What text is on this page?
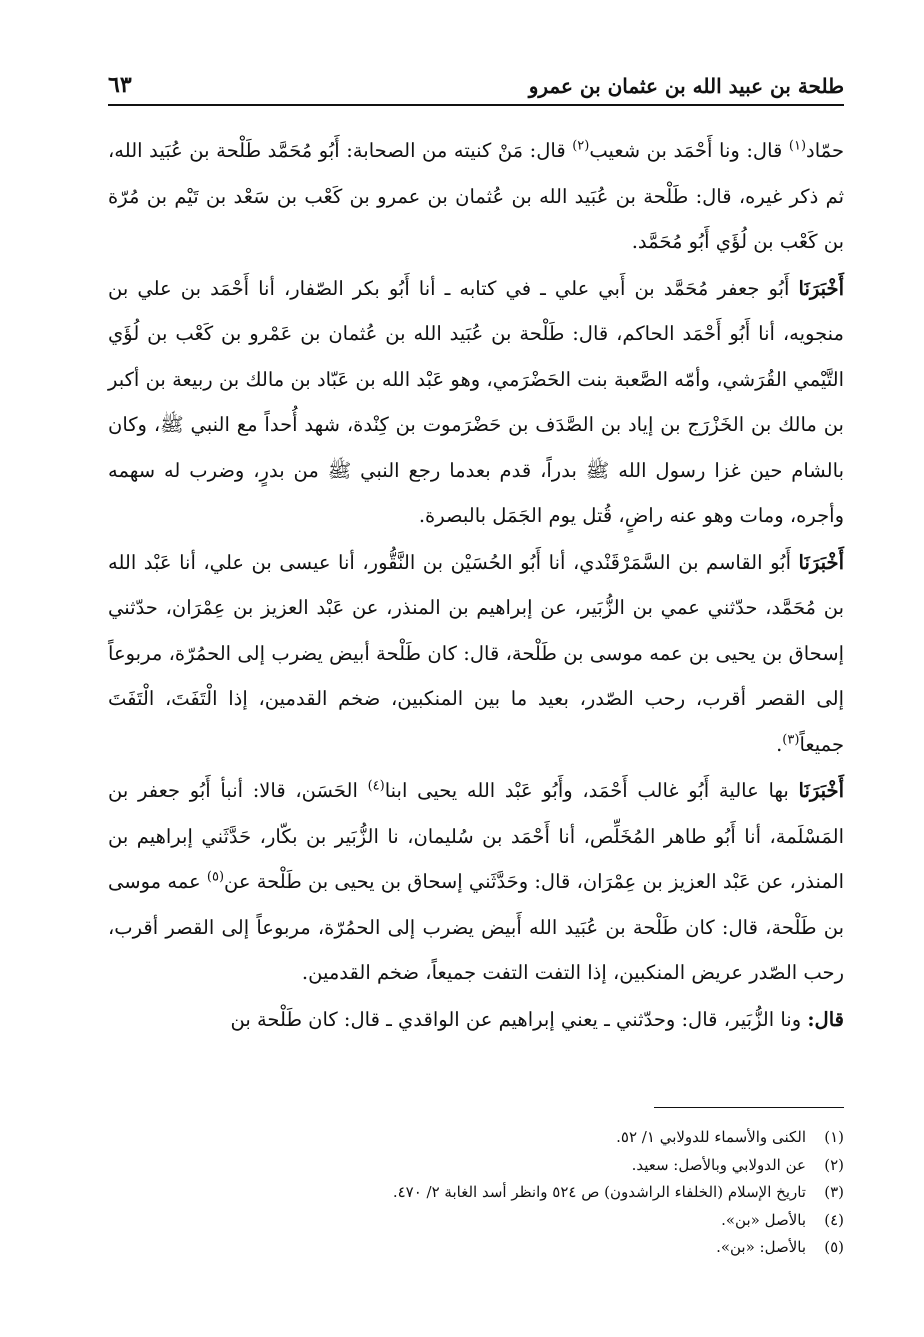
طلحة بن عبيد الله بن عثمان بن عمرو
٦٣

حمّاد$^{(١)}$ قال: ونا أَحْمَد بن شعيب$^{(٢)}$ قال: مَنْ كنيته من الصحابة: أَبُو مُحَمَّد طَلْحة بن عُبَيد الله، ثم ذكر غيره، قال: طَلْحة بن عُبَيد الله بن عُثمان بن عمرو بن كَعْب بن سَعْد بن تَيْم بن مُرّة بن كَعْب بن لُؤَي أَبُو مُحَمَّد.

أَخْبَرَنَا أَبُو جعفر مُحَمَّد بن أَبي علي ـ في كتابه ـ أنا أَبُو بكر الصّفار، أنا أَحْمَد بن علي بن منجويه، أنا أَبُو أَحْمَد الحاكم، قال: طَلْحة بن عُبَيد الله بن عُثمان بن عَمْرو بن كَعْب بن لُؤَي التَّيْمي القُرَشي، وأمّه الصَّعبة بنت الحَضْرَمي، وهو عَبْد الله بن عَبّاد بن مالك بن ربيعة بن أكبر بن مالك بن الخَزْرَج بن إياد بن الصَّدَف بن حَضْرَموت بن كِنْدة، شهد أُحداً مع النبي ﷺ، وكان بالشام حين غزا رسول الله ﷺ بدراً، قدم بعدما رجع النبي ﷺ من بدرٍ، وضرب له سهمه وأجره، ومات وهو عنه راضٍ، قُتل يوم الجَمَل بالبصرة.

أَخْبَرَنَا أَبُو القاسم بن السَّمَرْقَنْدي، أنا أَبُو الحُسَيْن بن النَّقُّور، أنا عيسى بن علي، أنا عَبْد الله بن مُحَمَّد، حدّثني عمي بن الزُّبَير، عن إبراهيم بن المنذر، عن عَبْد العزيز بن عِمْرَان، حدّثني إسحاق بن يحيى بن عمه موسى بن طَلْحة، قال: كان طَلْحة أبيض يضرب إلى الحمُرّة، مربوعاً إلى القصر أقرب، رحب الصّدر، بعيد ما بين المنكبين، ضخم القدمين، إذا الْتَفَتَ، الْتَفَتَ جميعاً$^{(٣)}$.

أَخْبَرَنَا بها عالية أَبُو غالب أَحْمَد، وأَبُو عَبْد الله يحيى ابنا$^{(٤)}$ الحَسَن، قالا: أنبأ أَبُو جعفر بن المَسْلَمة، أنا أَبُو طاهر المُخَلِّص، أنا أَحْمَد بن سُليمان، نا الزُّبَير بن بكّار، حَدَّثَني إبراهيم بن المنذر، عن عَبْد العزيز بن عِمْرَان، قال: وحَدَّثَني إسحاق بن يحيى بن طَلْحة عن$^{(٥)}$ عمه موسى بن طَلْحة، قال: كان طَلْحة بن عُبَيد الله أَبيض يضرب إلى الحمُرّة، مربوعاً إلى القصر أقرب، رحب الصّدر عريض المنكبين، إذا التفت التفت جميعاً، ضخم القدمين.

قال: ونا الزُّبَير، قال: وحدّثني ـ يعني إبراهيم عن الواقدي ـ قال: كان طَلْحة بن

(١)
الكنى والأسماء للدولابي ١/ ٥٢.
(٢)
عن الدولابي وبالأصل: سعيد.
(٣)
تاريخ الإسلام (الخلفاء الراشدون) ص ٥٢٤ وانظر أسد الغابة ٢/ ٤٧٠.
(٤)
بالأصل «بن».
(٥)
بالأصل: «بن».
